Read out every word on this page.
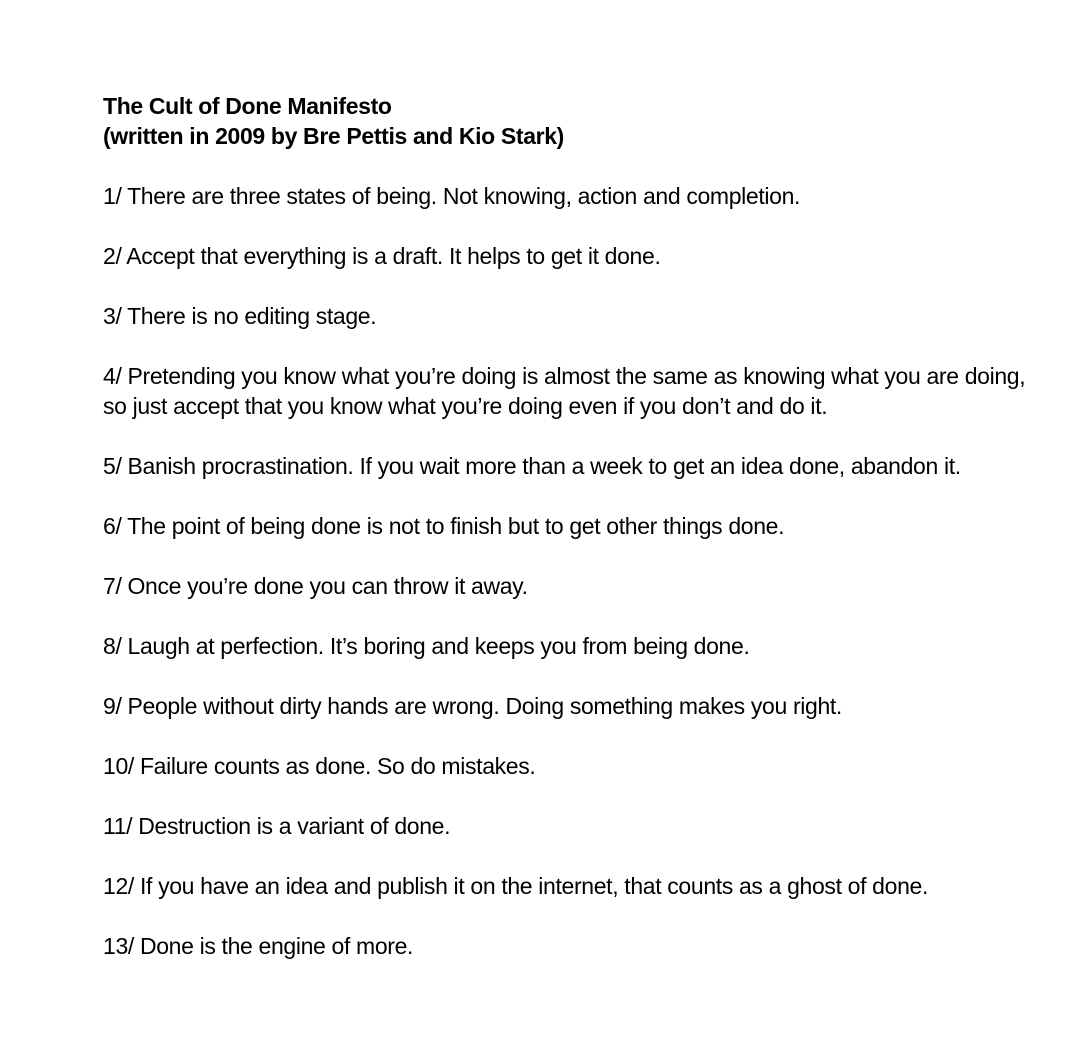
The Cult of Done Manifesto
(written in 2009 by Bre Pettis and Kio Stark)

1/ There are three states of being. Not knowing, action and completion.

2/ Accept that everything is a draft. It helps to get it done.

3/ There is no editing stage.

4/ Pretending you know what you’re doing is almost the same as knowing what you are doing, so just accept that you know what you’re doing even if you don’t and do it.

5/ Banish procrastination. If you wait more than a week to get an idea done, abandon it.

6/ The point of being done is not to finish but to get other things done.

7/ Once you’re done you can throw it away.

8/ Laugh at perfection. It’s boring and keeps you from being done.

9/ People without dirty hands are wrong. Doing something makes you right.

10/ Failure counts as done. So do mistakes.

11/ Destruction is a variant of done.

12/ If you have an idea and publish it on the internet, that counts as a ghost of done.

13/ Done is the engine of more.
